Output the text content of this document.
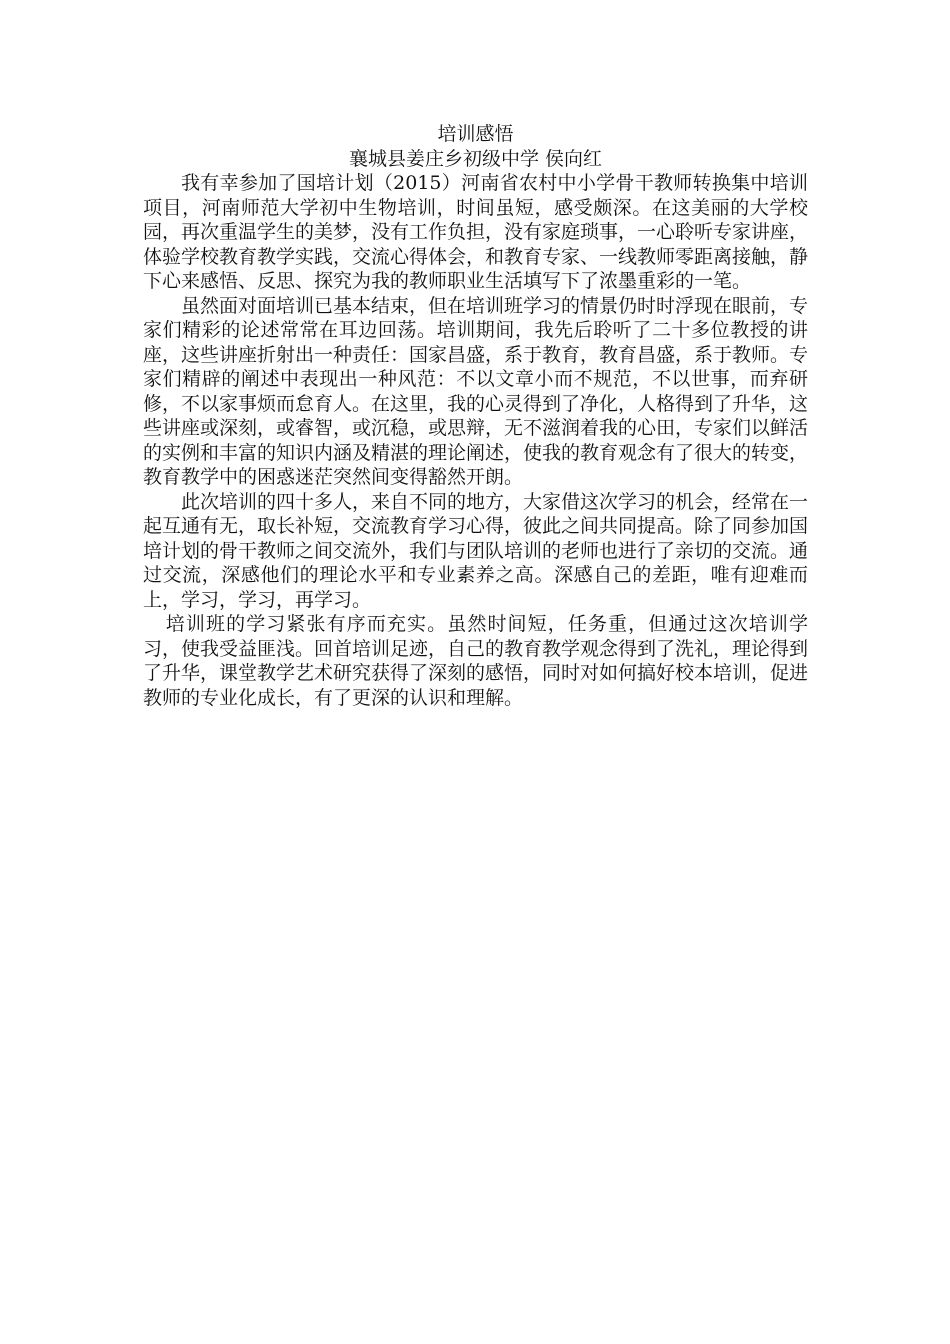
培训感悟

襄城县姜庄乡初级中学 侯向红

我有幸参加了国培计划（2015）河南省农村中小学骨干教师转换集中培训项目，河南师范大学初中生物培训，时间虽短，感受颇深。在这美丽的大学校园，再次重温学生的美梦，没有工作负担，没有家庭琐事，一心聆听专家讲座，体验学校教育教学实践，交流心得体会，和教育专家、一线教师零距离接触，静下心来感悟、反思、探究为我的教师职业生活填写下了浓墨重彩的一笔。

虽然面对面培训已基本结束，但在培训班学习的情景仍时时浮现在眼前，专家们精彩的论述常常在耳边回荡。培训期间，我先后聆听了二十多位教授的讲座，这些讲座折射出一种责任：国家昌盛，系于教育，教育昌盛，系于教师。专家们精辟的阐述中表现出一种风范：不以文章小而不规范，不以世事，而弃研修，不以家事烦而怠育人。在这里，我的心灵得到了净化，人格得到了升华，这些讲座或深刻，或睿智，或沉稳，或思辩，无不滋润着我的心田，专家们以鲜活的实例和丰富的知识内涵及精湛的理论阐述，使我的教育观念有了很大的转变，教育教学中的困惑迷茫突然间变得豁然开朗。

此次培训的四十多人，来自不同的地方，大家借这次学习的机会，经常在一起互通有无，取长补短，交流教育学习心得，彼此之间共同提高。除了同参加国培计划的骨干教师之间交流外，我们与团队培训的老师也进行了亲切的交流。通过交流，深感他们的理论水平和专业素养之高。深感自己的差距，唯有迎难而上，学习，学习，再学习。

培训班的学习紧张有序而充实。虽然时间短，任务重，但通过这次培训学习，使我受益匪浅。回首培训足迹，自己的教育教学观念得到了洗礼，理论得到了升华，课堂教学艺术研究获得了深刻的感悟，同时对如何搞好校本培训，促进教师的专业化成长，有了更深的认识和理解。
